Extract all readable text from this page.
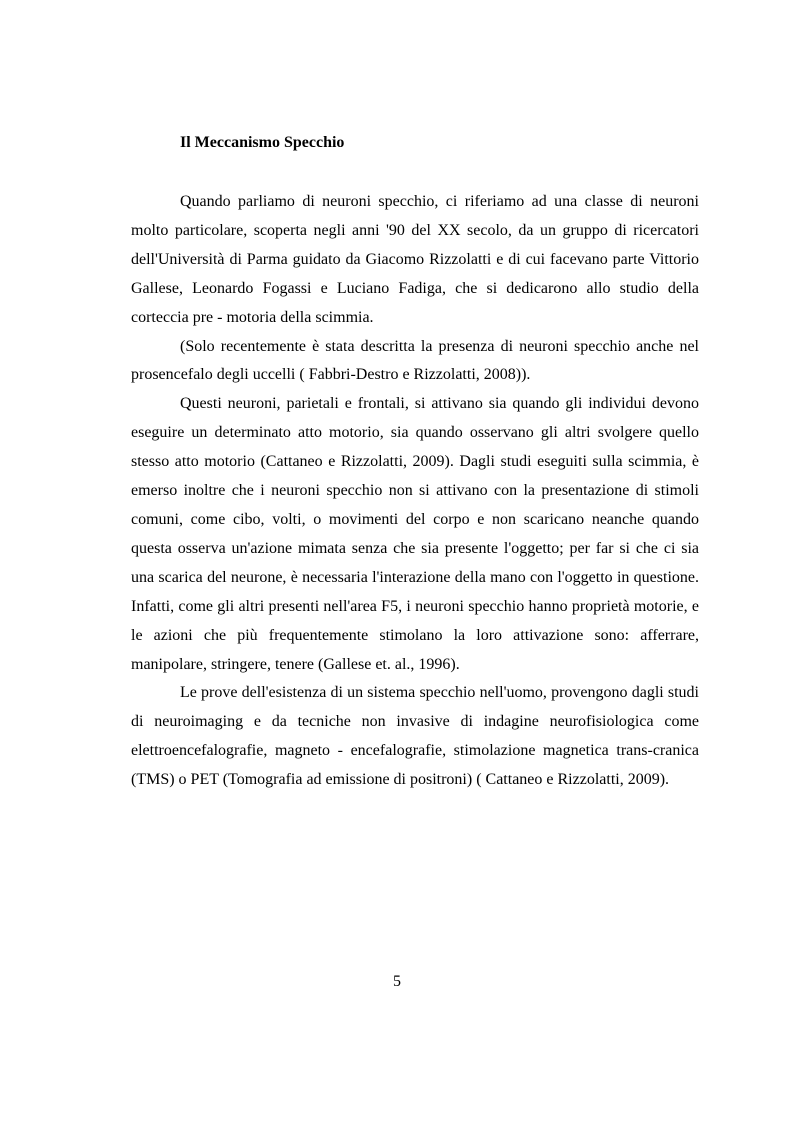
Il Meccanismo Specchio

Quando parliamo di neuroni specchio, ci riferiamo ad una classe di neuroni molto particolare, scoperta negli anni '90 del XX secolo, da un gruppo di ricercatori dell'Università di Parma guidato da Giacomo Rizzolatti e di cui facevano parte Vittorio Gallese, Leonardo Fogassi e Luciano Fadiga, che si dedicarono allo studio della corteccia pre - motoria della scimmia.

(Solo recentemente è stata descritta la presenza di neuroni specchio anche nel prosencefalo degli uccelli ( Fabbri-Destro e Rizzolatti, 2008)).

Questi neuroni, parietali e frontali, si attivano sia quando gli individui devono eseguire un determinato atto motorio, sia quando osservano gli altri svolgere quello stesso atto motorio (Cattaneo e Rizzolatti, 2009). Dagli studi eseguiti sulla scimmia, è emerso inoltre che i neuroni specchio non si attivano con la presentazione di stimoli comuni, come cibo, volti, o movimenti del corpo e non scaricano neanche quando questa osserva un'azione mimata senza che sia presente l'oggetto; per far si che ci sia una scarica del neurone, è necessaria l'interazione della mano con l'oggetto in questione. Infatti, come gli altri presenti nell'area F5, i neuroni specchio hanno proprietà motorie, e le azioni che più frequentemente stimolano la loro attivazione sono: afferrare, manipolare, stringere, tenere (Gallese et. al., 1996).

Le prove dell'esistenza di un sistema specchio nell'uomo, provengono dagli studi di neuroimaging e da tecniche non invasive di indagine neurofisiologica come elettroencefalografie, magneto - encefalografie, stimolazione magnetica trans-cranica (TMS) o PET (Tomografia ad emissione di positroni) ( Cattaneo e Rizzolatti, 2009).

5
